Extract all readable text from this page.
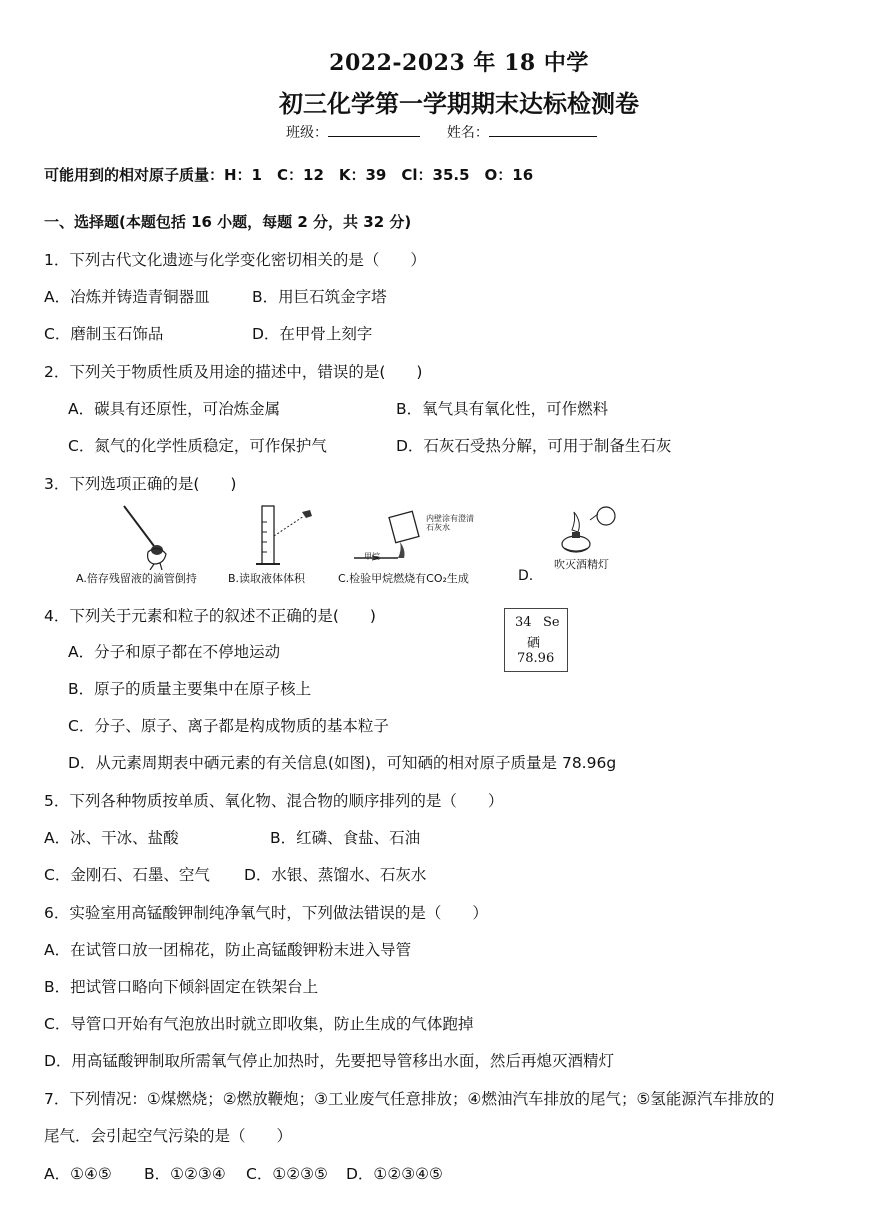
2022-2023 年 18 中学
初三化学第一学期期末达标检测卷
班级：	姓名：
可能用到的相对原子质量：H：1　C：12　K：39　Cl：35.5　O：16
一、选择题(本题包括 16 小题，每题 2 分，共 32 分)
1．下列古代文化遗迹与化学变化密切相关的是（　　）
A．冶炼并铸造青铜器皿	B．用巨石筑金字塔
C．磨制玉石饰品	D．在甲骨上刻字
2．下列关于物质性质及用途的描述中，错误的是(　　)
A．碳具有还原性，可冶炼金属	B．氧气具有氧化性，可作燃料
C．氮气的化学性质稳定，可作保护气	D．石灰石受热分解，可用于制备生石灰
3．下列选项正确的是(　　)
A.倍存残留液的滴管倒持	B.读取液体体积
内壁涂有澄清石灰水
甲烷
C.检验甲烷燃烧有CO₂生成
吹灭酒精灯
D.
4．下列关于元素和粒子的叙述不正确的是(　　)	34 Se
硒
78.96
A．分子和原子都在不停地运动
B．原子的质量主要集中在原子核上
C．分子、原子、离子都是构成物质的基本粒子
D．从元素周期表中硒元素的有关信息(如图)，可知硒的相对原子质量是 78.96g
5．下列各种物质按单质、氧化物、混合物的顺序排列的是（　　）
A．冰、干冰、盐酸	B．红磷、食盐、石油
C．金刚石、石墨、空气 D．水银、蒸馏水、石灰水
6．实验室用高锰酸钾制纯净氧气时，下列做法错误的是（　　）
A．在试管口放一团棉花，防止高锰酸钾粉末进入导管
B．把试管口略向下倾斜固定在铁架台上
C．导管口开始有气泡放出时就立即收集，防止生成的气体跑掉
D．用高锰酸钾制取所需氧气停止加热时，先要把导管移出水面，然后再熄灭酒精灯
7．下列情况：①煤燃烧；②燃放鞭炮；③工业废气任意排放；④燃油汽车排放的尾气；⑤氢能源汽车排放的
尾气．会引起空气污染的是（　　）
A．①④⑤ B．①②③④ C．①②③⑤ D．①②③④⑤
